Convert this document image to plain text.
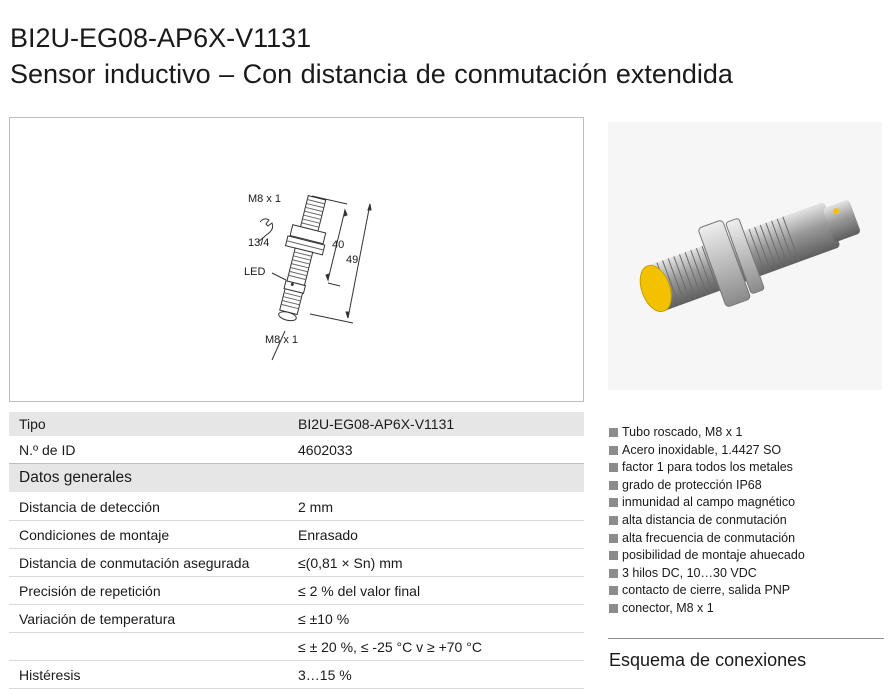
BI2U-EG08-AP6X-V1131
Sensor inductivo – Con distancia de conmutación extendida
M8 x 1
13/4
LED
40
49
M8 x 1
Tipo	BI2U-EG08-AP6X-V1131
N.º de ID	4602033
Datos generales	
Distancia de detección	2 mm
Condiciones de montaje	Enrasado
Distancia de conmutación asegurada	≤(0,81 × Sn) mm
Precisión de repetición	≤ 2 % del valor final
Variación de temperatura	≤ ±10 %
	≤ ± 20 %, ≤ -25 °C v ≥ +70 °C
Histéresis	3…15 %
Tubo roscado, M8 x 1
Acero inoxidable, 1.4427 SO
factor 1 para todos los metales
grado de protección IP68
inmunidad al campo magnético
alta distancia de conmutación
alta frecuencia de conmutación
posibilidad de montaje ahuecado
3 hilos DC, 10…30 VDC
contacto de cierre, salida PNP
conector, M8 x 1
Esquema de conexiones
